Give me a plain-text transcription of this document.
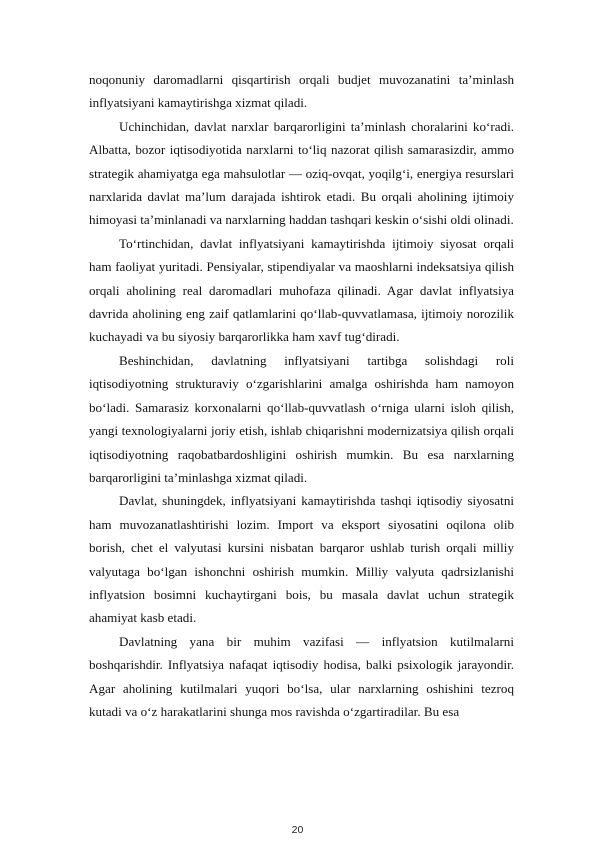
noqonuniy daromadlarni qisqartirish orqali budjet muvozanatini ta’minlash inflyatsiyani kamaytirishga xizmat qiladi.

Uchinchidan, davlat narxlar barqarorligini ta’minlash choralarini ko‘radi. Albatta, bozor iqtisodiyotida narxlarni to‘liq nazorat qilish samarasizdir, ammo strategik ahamiyatga ega mahsulotlar — oziq-ovqat, yoqilg‘i, energiya resurslari narxlarida davlat ma’lum darajada ishtirok etadi. Bu orqali aholining ijtimoiy himoyasi ta’minlanadi va narxlarning haddan tashqari keskin o‘sishi oldi olinadi.

To‘rtinchidan, davlat inflyatsiyani kamaytirishda ijtimoiy siyosat orqali ham faoliyat yuritadi. Pensiyalar, stipendiyalar va maoshlarni indeksatsiya qilish orqali aholining real daromadlari muhofaza qilinadi. Agar davlat inflyatsiya davrida aholining eng zaif qatlamlarini qo‘llab-quvvatlamasa, ijtimoiy norozilik kuchayadi va bu siyosiy barqarorlikka ham xavf tug‘diradi.

Beshinchidan, davlatning inflyatsiyani tartibga solishdagi roli iqtisodiyotning strukturaviy o‘zgarishlarini amalga oshirishda ham namoyon bo‘ladi. Samarasiz korxonalarni qo‘llab-quvvatlash o‘rniga ularni isloh qilish, yangi texnologiyalarni joriy etish, ishlab chiqarishni modernizatsiya qilish orqali iqtisodiyotning raqobatbardoshligini oshirish mumkin. Bu esa narxlarning barqarorligini ta’minlashga xizmat qiladi.

Davlat, shuningdek, inflyatsiyani kamaytirishda tashqi iqtisodiy siyosatni ham muvozanatlashtirishi lozim. Import va eksport siyosatini oqilona olib borish, chet el valyutasi kursini nisbatan barqaror ushlab turish orqali milliy valyutaga bo‘lgan ishonchni oshirish mumkin. Milliy valyuta qadrsizlanishi inflyatsion bosimni kuchaytirgani bois, bu masala davlat uchun strategik ahamiyat kasb etadi.

Davlatning yana bir muhim vazifasi — inflyatsion kutilmalarni boshqarishdir. Inflyatsiya nafaqat iqtisodiy hodisa, balki psixologik jarayondir. Agar aholining kutilmalari yuqori bo‘lsa, ular narxlarning oshishini tezroq kutadi va o‘z harakatlarini shunga mos ravishda o‘zgartiradilar. Bu esa

20
